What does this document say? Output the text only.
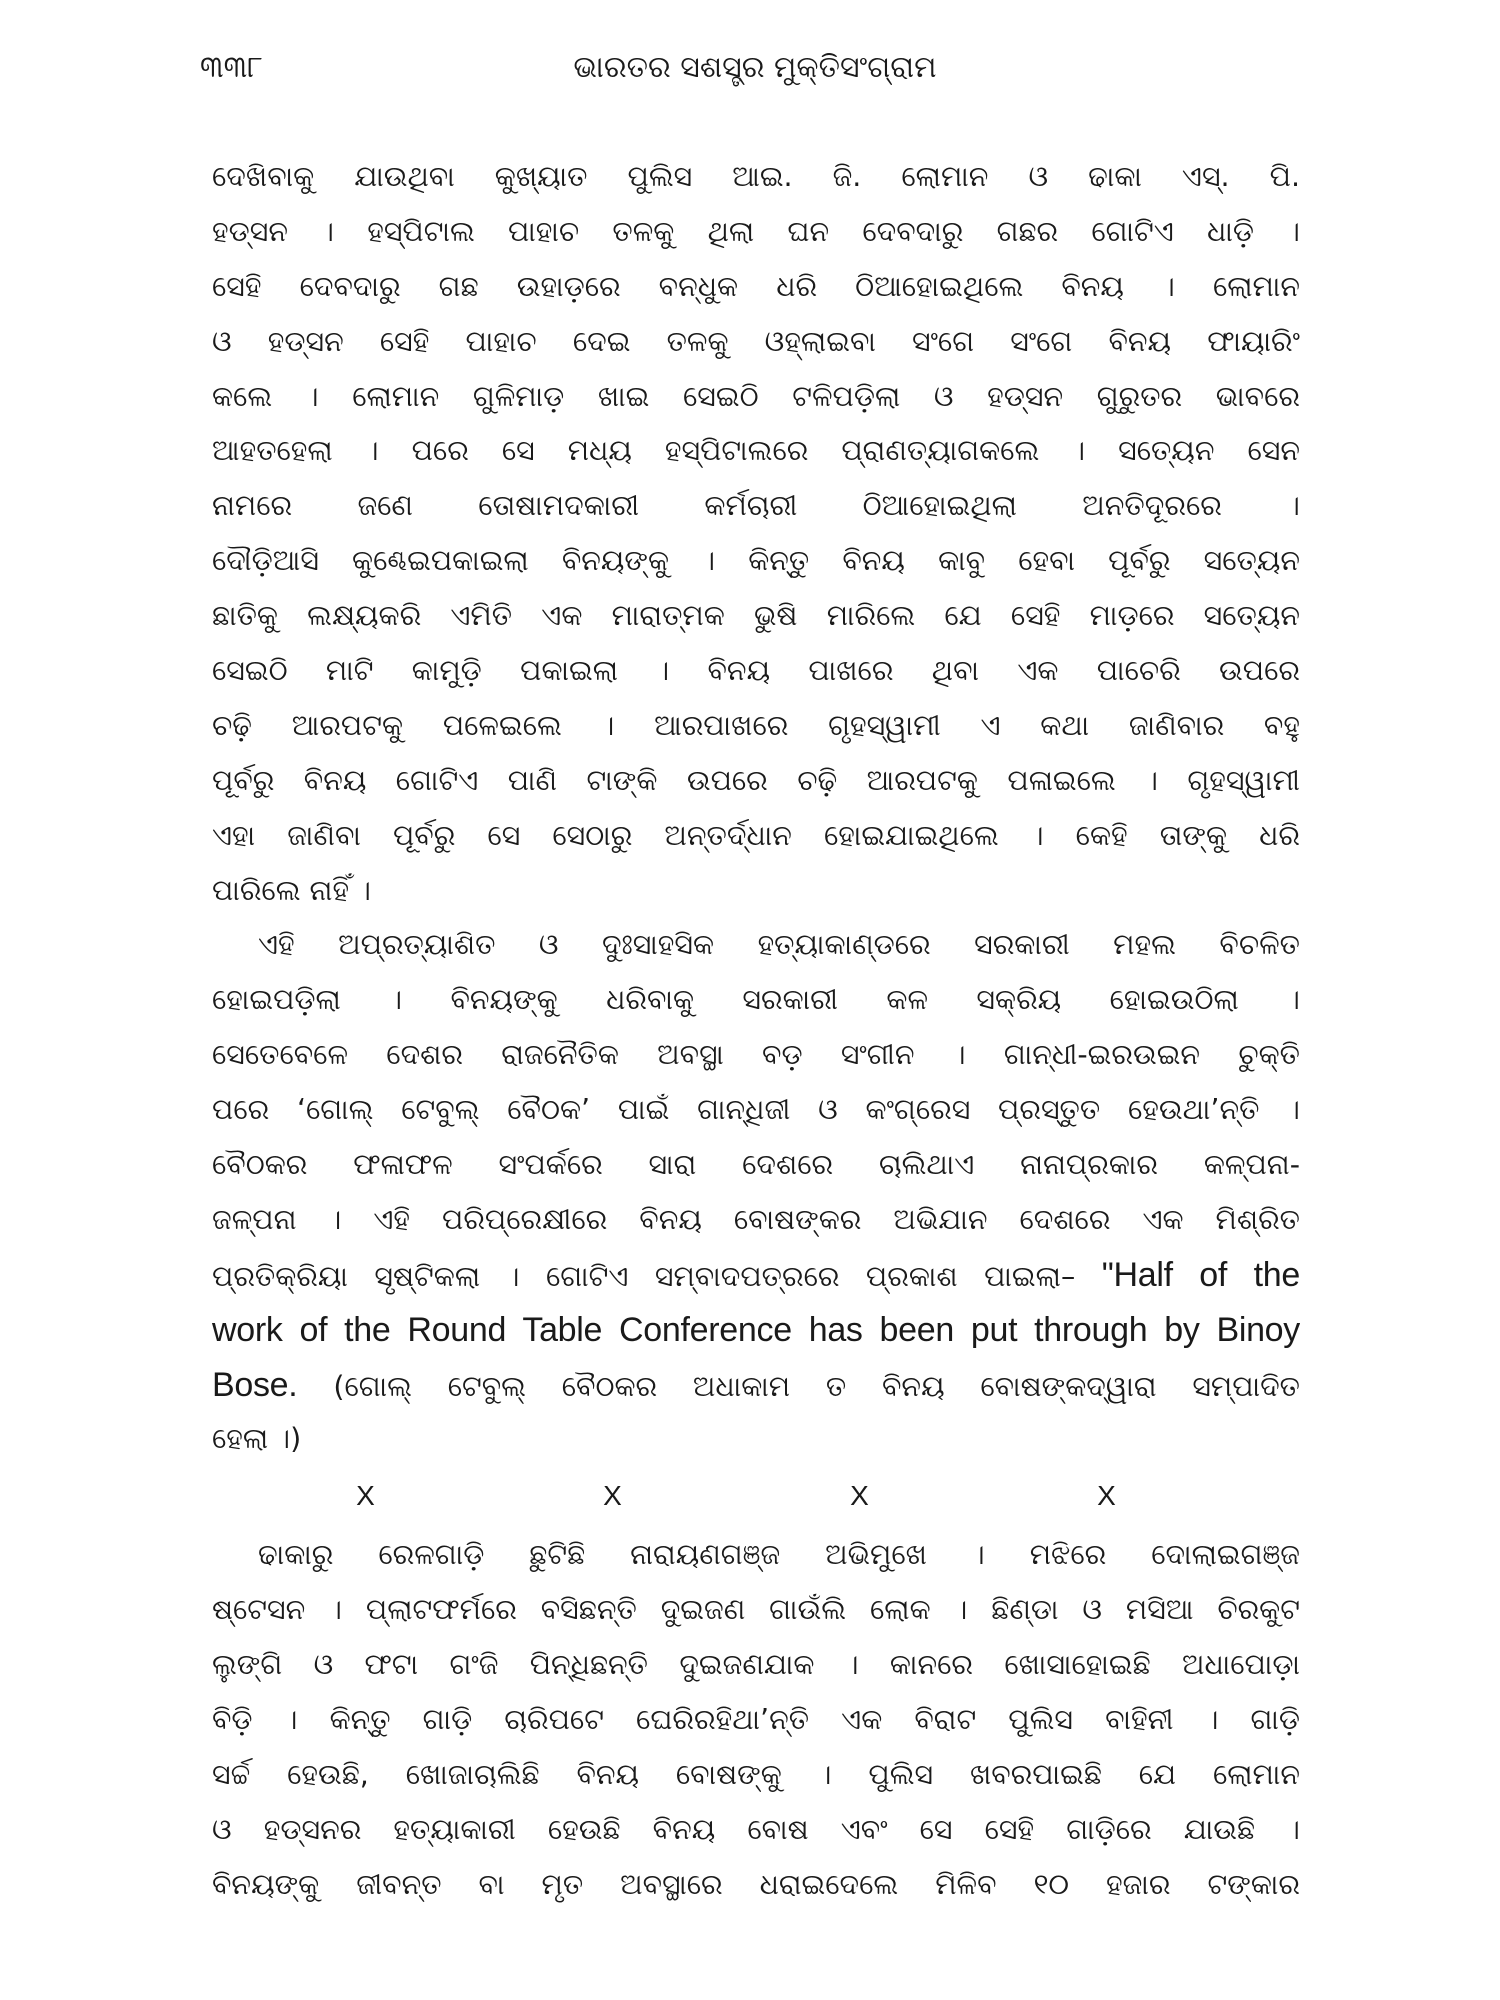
୩୩୮	ଭାରତର ସଶସ୍ତ୍ର ମୁକ୍ତିସଂଗ୍ରାମ
ଦେଖିବାକୁ ଯାଉଥିବା କୁଖ୍ୟାତ ପୁଲିସ ଆଇ. ଜି. ଲୋମାନ ଓ ଢାକା ଏସ୍. ପି.
ହଡ୍‌ସନ । ହସ୍‌ପିଟାଲ ପାହାଚ ତଳକୁ ଥିଲା ଘନ ଦେବଦାରୁ ଗଛର ଗୋଟିଏ ଧାଡ଼ି ।
ସେହି ଦେବଦାରୁ ଗଛ ଉହାଡ଼ରେ ବନ୍ଧୁକ ଧରି ଠିଆହୋଇଥିଲେ ବିନୟ । ଲୋମାନ
ଓ ହଡ୍‌ସନ ସେହି ପାହାଚ ଦେଇ ତଳକୁ ଓହ୍ଲାଇବା ସଂଗେ ସଂଗେ ବିନୟ ଫାୟାରିଂ
କଲେ । ଲୋମାନ ଗୁଳିମାଡ଼ ଖାଇ ସେଇଠି ଟଳିପଡ଼ିଲା ଓ ହଡ୍‌ସନ ଗୁରୁତର ଭାବରେ
ଆହତହେଲା । ପରେ ସେ ମଧ୍ୟ ହସ୍‌ପିଟାଲରେ ପ୍ରାଣତ୍ୟାଗକଲେ । ସତ୍ୟେନ ସେନ
ନାମରେ ଜଣେ ତୋଷାମଦକାରୀ କର୍ମଚାରୀ ଠିଆହୋଇଥିଲା ଅନତିଦୂରରେ ।
ଦୌଡ଼ିଆସି କୁଣ୍ଢେଇପକାଇଲା ବିନୟଙ୍କୁ । କିନ୍ତୁ ବିନୟ କାବୁ ହେବା ପୂର୍ବରୁ ସତ୍ୟେନ
ଛାତିକୁ ଲକ୍ଷ୍ୟକରି ଏମିତି ଏକ ମାରାତ୍ମକ ଭୁଷି ମାରିଲେ ଯେ ସେହି ମାଡ଼ରେ ସତ୍ୟେନ
ସେଇଠି ମାଟି କାମୁଡ଼ି ପକାଇଲା । ବିନୟ ପାଖରେ ଥିବା ଏକ ପାଚେରି ଉପରେ
ଚଢ଼ି ଆରପଟକୁ ପଳେଇଲେ । ଆରପାଖରେ ଗୃହସ୍ୱାମୀ ଏ କଥା ଜାଣିବାର ବହୁ
ପୂର୍ବରୁ ବିନୟ ଗୋଟିଏ ପାଣି ଟାଙ୍କି ଉପରେ ଚଢ଼ି ଆରପଟକୁ ପଳାଇଲେ । ଗୃହସ୍ୱାମୀ
ଏହା ଜାଣିବା ପୂର୍ବରୁ ସେ ସେଠାରୁ ଅନ୍ତର୍ଦ୍ଧାନ ହୋଇଯାଇଥିଲେ । କେହି ତାଙ୍କୁ ଧରି
ପାରିଲେ ନାହିଁ ।
ଏହି ଅପ୍ରତ୍ୟାଶିତ ଓ ଦୁଃସାହସିକ ହତ୍ୟାକାଣ୍ଡରେ ସରକାରୀ ମହଲ ବିଚଳିତ
ହୋଇପଡ଼ିଲା । ବିନୟଙ୍କୁ ଧରିବାକୁ ସରକାରୀ କଳ ସକ୍ରିୟ ହୋଇଉଠିଲା ।
ସେତେବେଳେ ଦେଶର ରାଜନୈତିକ ଅବସ୍ଥା ବଡ଼ ସଂଗୀନ । ଗାନ୍ଧୀ-ଇରଉଇନ ଚୁକ୍ତି
ପରେ ‘ଗୋଲ୍ ଟେବୁଲ୍ ବୈଠକ’ ପାଇଁ ଗାନ୍ଧିଜୀ ଓ କଂଗ୍ରେସ ପ୍ରସ୍ତୁତ ହେଉଥା’ନ୍ତି ।
ବୈଠକର ଫଳାଫଳ ସଂପର୍କରେ ସାରା ଦେଶରେ ଚାଲିଥାଏ ନାନାପ୍ରକାର କଳ୍ପନା-
ଜଳ୍ପନା । ଏହି ପରିପ୍ରେକ୍ଷୀରେ ବିନୟ ବୋଷଙ୍କର ଅଭିଯାନ ଦେଶରେ ଏକ ମିଶ୍ରିତ
ପ୍ରତିକ୍ରିୟା ସୃଷ୍ଟିକଲା । ଗୋଟିଏ ସମ୍ବାଦପତ୍ରରେ ପ୍ରକାଶ ପାଇଲା– "Half of the
work of the Round Table Conference has been put through by Binoy
Bose. (ଗୋଲ୍ ଟେବୁଲ୍ ବୈଠକର ଅଧାକାମ ତ ବିନୟ ବୋଷଙ୍କଦ୍ୱାରା ସମ୍ପାଦିତ
ହେଲା ।)
X	X	X	X
ଢାକାରୁ ରେଳଗାଡ଼ି ଛୁଟିଛି ନାରାୟଣଗଞ୍ଜ ଅଭିମୁଖେ । ମଝିରେ ଦୋଲାଇଗଞ୍ଜ
ଷ୍ଟେସନ । ପ୍ଲାଟଫର୍ମରେ ବସିଛନ୍ତି ଦୁଇଜଣ ଗାଉଁଲି ଲୋକ । ଛିଣ୍ଡା ଓ ମସିଆ ଚିରକୁଟ
ଲୁଙ୍ଗି ଓ ଫଟା ଗଂଜି ପିନ୍ଧିଛନ୍ତି ଦୁଇଜଣଯାକ । କାନରେ ଖୋସାହୋଇଛି ଅଧାପୋଡ଼ା
ବିଡ଼ି । କିନ୍ତୁ ଗାଡ଼ି ଚାରିପଟେ ଘେରିରହିଥା’ନ୍ତି ଏକ ବିରାଟ ପୁଲିସ ବାହିନୀ । ଗାଡ଼ି
ସର୍ଚ୍ଚ ହେଉଛି, ଖୋଜାଚାଲିଛି ବିନୟ ବୋଷଙ୍କୁ । ପୁଲିସ ଖବରପାଇଛି ଯେ ଲୋମାନ
ଓ ହଡ୍‌ସନର ହତ୍ୟାକାରୀ ହେଉଛି ବିନୟ ବୋଷ ଏବଂ ସେ ସେହି ଗାଡ଼ିରେ ଯାଉଛି ।
ବିନୟଙ୍କୁ ଜୀବନ୍ତ ବା ମୃତ ଅବସ୍ଥାରେ ଧରାଇଦେଲେ ମିଳିବ ୧୦ ହଜାର ଟଙ୍କାର
